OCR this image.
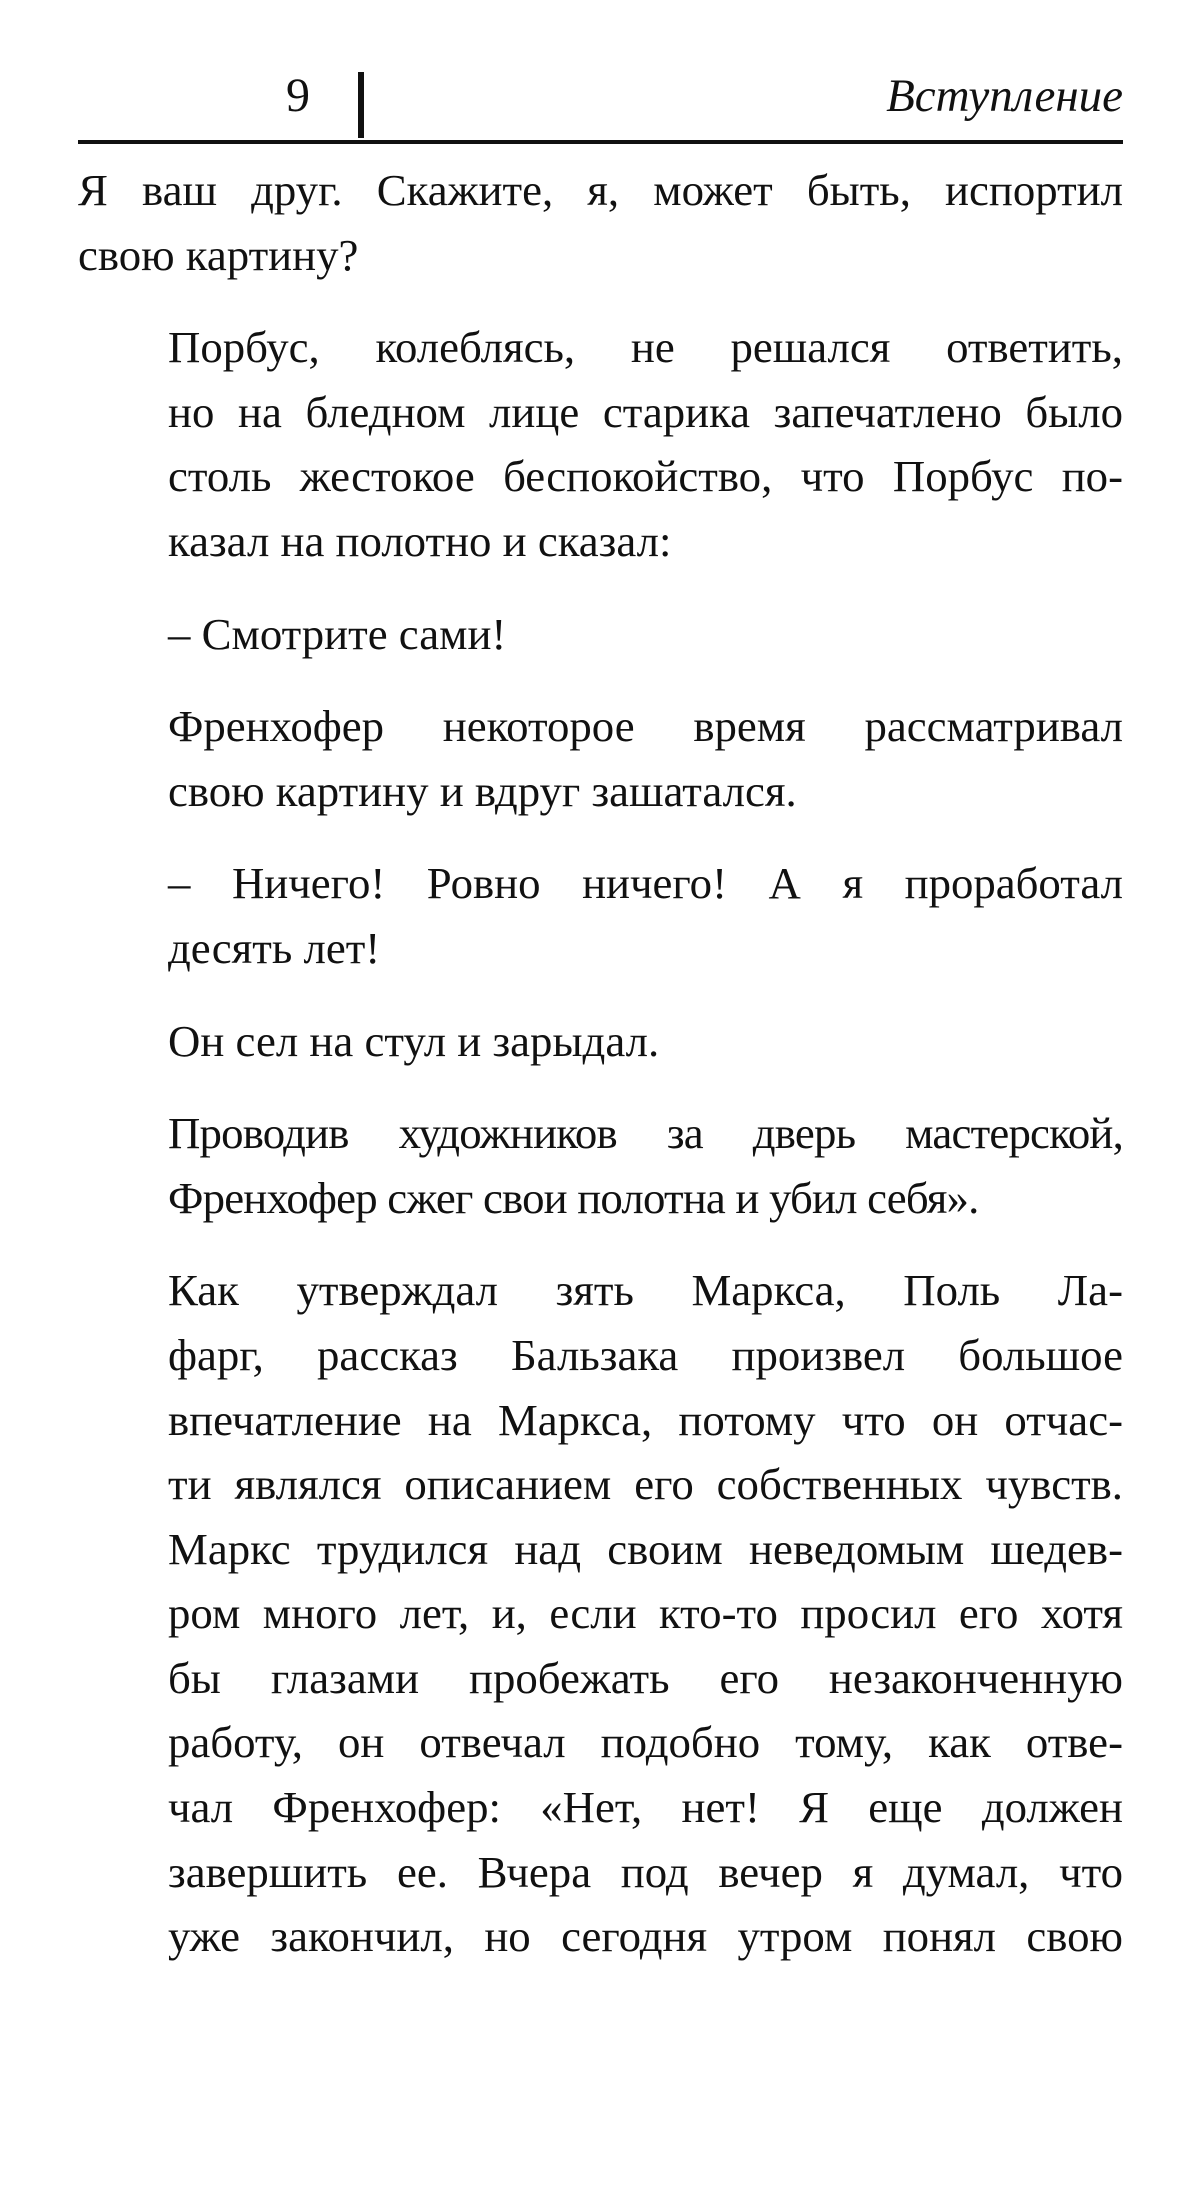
9	Вступление

Я ваш друг. Скажите, я, может быть, испортил
свою картину?

Порбус, колеблясь, не решался ответить,
но на бледном лице старика запечатлено было
столь жестокое беспокойство, что Порбус по-
казал на полотно и сказал:

– Смотрите сами!

Френхофер некоторое время рассматривал
свою картину и вдруг зашатался.

– Ничего! Ровно ничего! А я проработал
десять лет!

Он сел на стул и зарыдал.

Проводив художников за дверь мастерской,
Френхофер сжег свои полотна и убил себя».

Как утверждал зять Маркса, Поль Ла-
фарг, рассказ Бальзака произвел большое
впечатление на Маркса, потому что он отчас-
ти являлся описанием его собственных чувств.
Маркс трудился над своим неведомым шедев-
ром много лет, и, если кто-то просил его хотя
бы глазами пробежать его незаконченную
работу, он отвечал подобно тому, как отве-
чал Френхофер: «Нет, нет! Я еще должен
завершить ее. Вчера под вечер я думал, что
уже закончил, но сегодня утром понял свою
